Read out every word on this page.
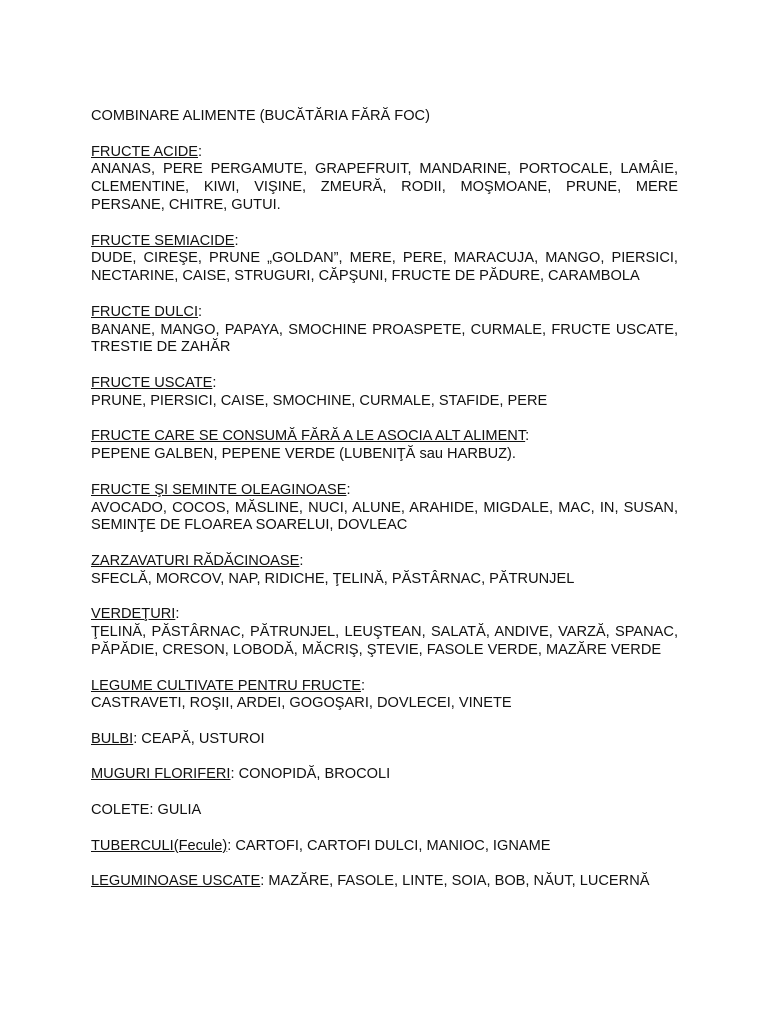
COMBINARE ALIMENTE (BUCĂTĂRIA FĂRĂ FOC)
FRUCTE ACIDE:
ANANAS, PERE PERGAMUTE, GRAPEFRUIT, MANDARINE, PORTOCALE, LAMÂIE, CLEMENTINE, KIWI, VIŞINE, ZMEURĂ, RODII, MOŞMOANE, PRUNE, MERE PERSANE, CHITRE, GUTUI.
FRUCTE SEMIACIDE:
DUDE, CIREŞE, PRUNE „GOLDAN”, MERE, PERE, MARACUJA, MANGO, PIERSICI, NECTARINE, CAISE, STRUGURI, CĂPŞUNI, FRUCTE DE PĂDURE, CARAMBOLA
FRUCTE DULCI:
BANANE, MANGO, PAPAYA, SMOCHINE PROASPETE, CURMALE, FRUCTE USCATE, TRESTIE DE ZAHĂR
FRUCTE USCATE:
PRUNE, PIERSICI, CAISE, SMOCHINE, CURMALE, STAFIDE, PERE
FRUCTE CARE SE CONSUMĂ FĂRĂ A LE ASOCIA ALT ALIMENT:
PEPENE GALBEN, PEPENE VERDE (LUBENIŢĂ sau HARBUZ).
FRUCTE ŞI SEMINTE OLEAGINOASE:
AVOCADO, COCOS, MĂSLINE, NUCI, ALUNE, ARAHIDE, MIGDALE, MAC, IN, SUSAN, SEMINŢE DE FLOAREA SOARELUI, DOVLEAC
ZARZAVATURI RĂDĂCINOASE:
SFECLĂ, MORCOV, NAP, RIDICHE, ŢELINĂ, PĂSTÂRNAC, PĂTRUNJEL
VERDEŢURI:
ŢELINĂ, PĂSTÂRNAC, PĂTRUNJEL, LEUŞTEAN, SALATĂ, ANDIVE, VARZĂ, SPANAC, PĂPĂDIE, CRESON, LOBODĂ, MĂCRIŞ, ŞTEVIE, FASOLE VERDE, MAZĂRE VERDE
LEGUME CULTIVATE PENTRU FRUCTE:
CASTRAVETI, ROŞII, ARDEI, GOGOŞARI, DOVLECEI, VINETE
BULBI: CEAPĂ, USTUROI
MUGURI FLORIFERI: CONOPIDĂ, BROCOLI
COLETE: GULIA
TUBERCULI(Fecule): CARTOFI, CARTOFI DULCI, MANIOC, IGNAME
LEGUMINOASE USCATE: MAZĂRE, FASOLE, LINTE, SOIA, BOB, NĂUT, LUCERNĂ
